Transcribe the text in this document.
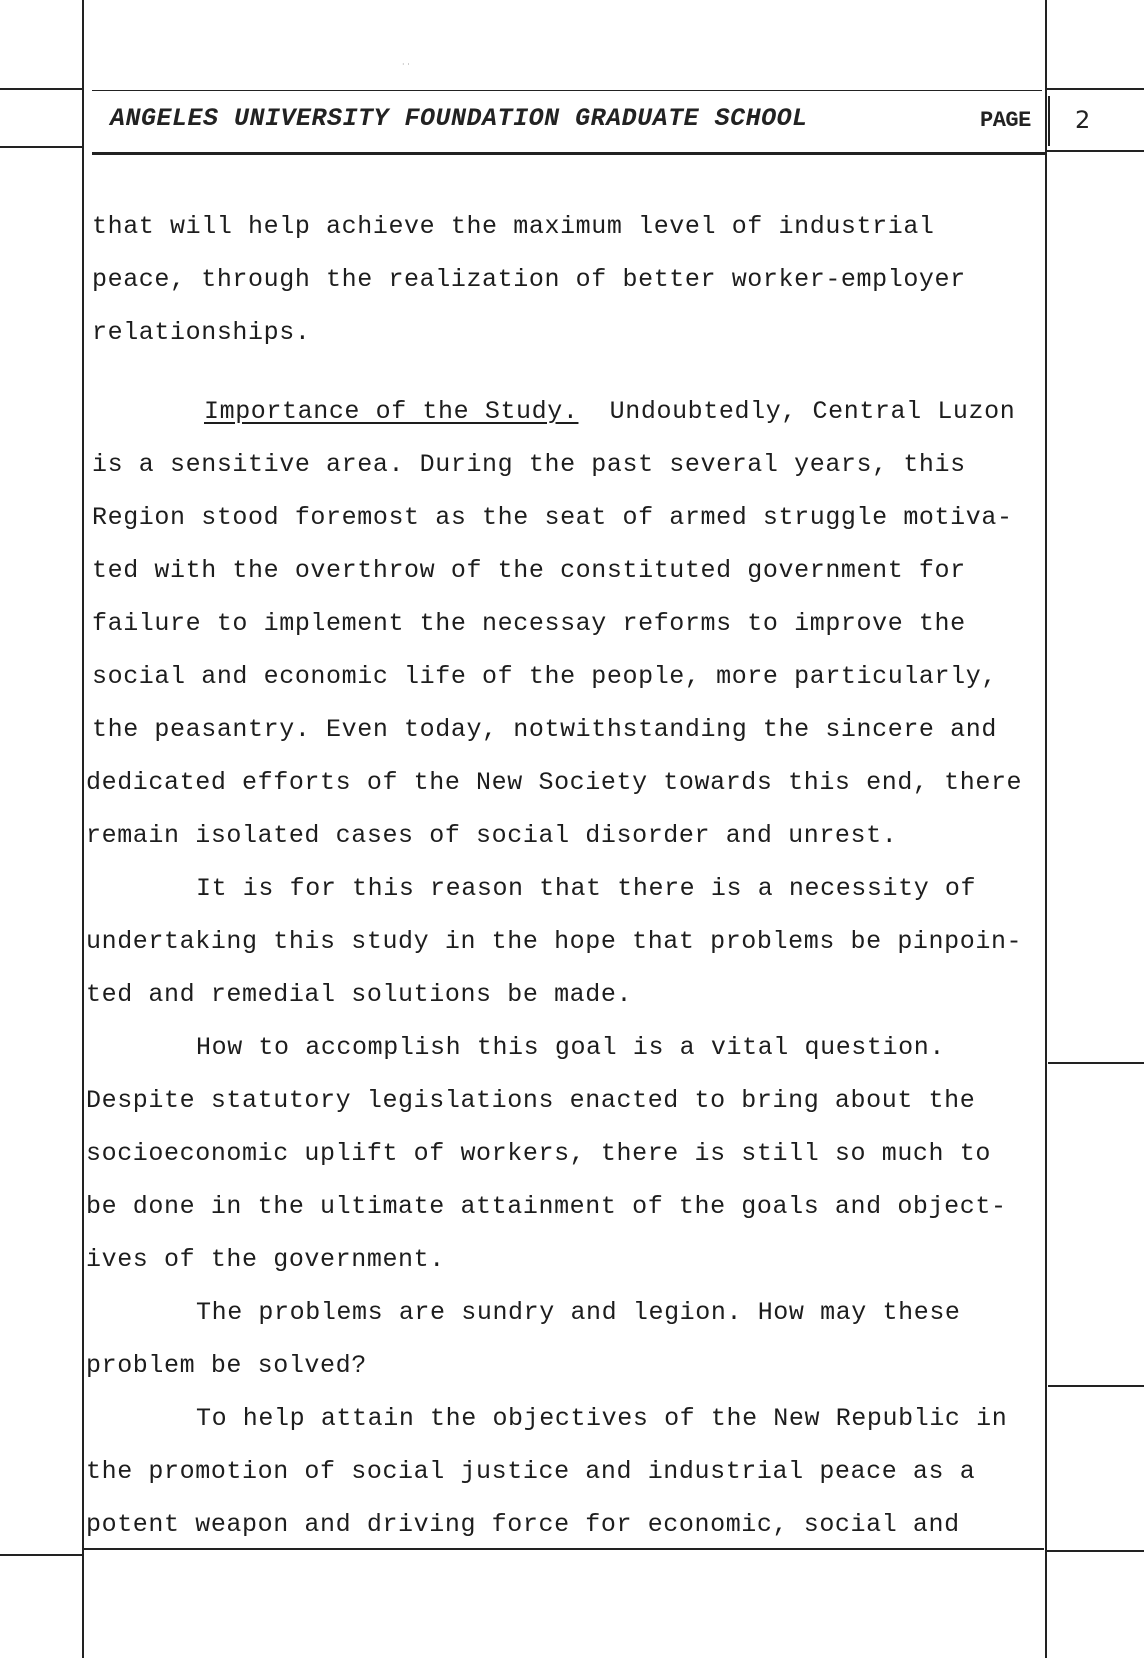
· ·
ANGELES UNIVERSITY FOUNDATION GRADUATE SCHOOL	PAGE 2
that will help achieve the maximum level of industrial
peace, through the realization of better worker-employer
relationships.
Importance of the Study.  Undoubtedly, Central Luzon
is a sensitive area. During the past several years, this
Region stood foremost as the seat of armed struggle motiva-
ted with the overthrow of the constituted government for
failure to implement the necessay reforms to improve the
social and economic life of the people, more particularly,
the peasantry. Even today, notwithstanding the sincere and
dedicated efforts of the New Society towards this end, there
remain isolated cases of social disorder and unrest.
It is for this reason that there is a necessity of
undertaking this study in the hope that problems be pinpoin-
ted and remedial solutions be made.
How to accomplish this goal is a vital question.
Despite statutory legislations enacted to bring about the
socioeconomic uplift of workers, there is still so much to
be done in the ultimate attainment of the goals and object-
ives of the government.
The problems are sundry and legion. How may these
problem be solved?
To help attain the objectives of the New Republic in
the promotion of social justice and industrial peace as a
potent weapon and driving force for economic, social and
